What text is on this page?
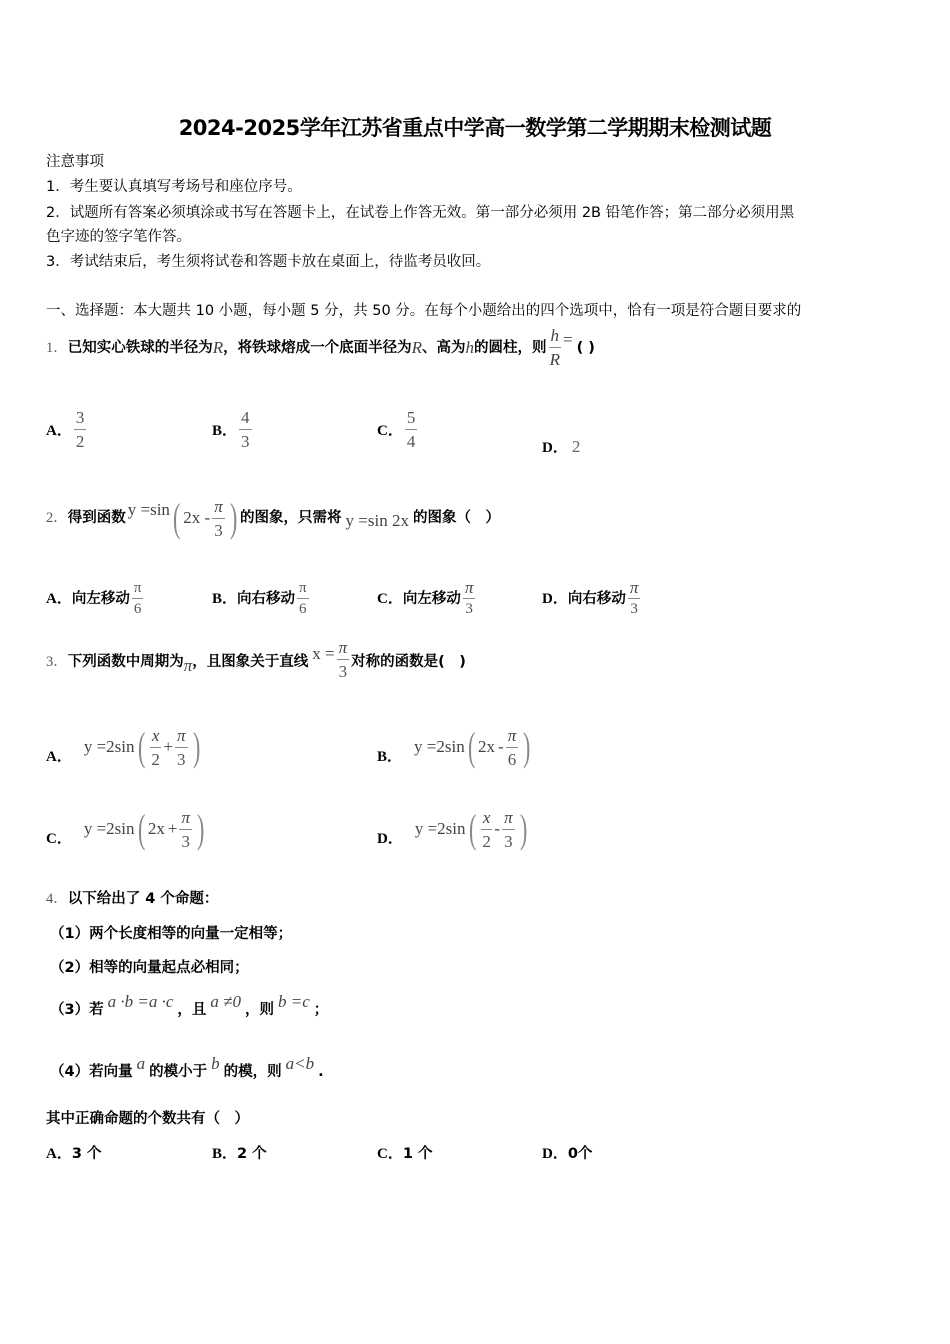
2024-2025学年江苏省重点中学高一数学第二学期期末检测试题
注意事项
1．考生要认真填写考场号和座位序号。
2．试题所有答案必须填涂或书写在答题卡上，在试卷上作答无效。第一部分必须用 2B 铅笔作答；第二部分必须用黑
色字迹的签字笔作答。
3．考试结束后，考生须将试卷和答题卡放在桌面上，待监考员收回。
一、选择题：本大题共 10 小题，每小题 5 分，共 50 分。在每个小题给出的四个选项中，恰有一项是符合题目要求的
1． 已知实心铁球的半径为 R ，将铁球熔成一个底面半径为 R 、高为 h 的圆柱，则 $\frac{h}{R}$ = ( )
A． $\frac{3}{2}$	B． $\frac{4}{3}$	C． $\frac{5}{4}$	D． 2
2． 得到函数 y =sin ( $2x - \frac{\pi}{3}$ ) 的图象，只需将 y =sin 2x 的图象（　）
A． 向左移动 $\frac{\pi}{6}$	B． 向右移动 $\frac{\pi}{6}$	C． 向左移动 $\frac{\pi}{3}$	D． 向右移动 $\frac{\pi}{3}$
3． 下列函数中周期为 π ，且图象关于直线 $x = \frac{\pi}{3}$ 对称的函数是(　)
A．
y =2sin ( $\frac{x}{2} + \frac{\pi}{3}$ )	B．
y =2sin ( $2x - \frac{\pi}{6}$ )
C．
y =2sin ( $2x + \frac{\pi}{3}$ )	D．
y =2sin ( $\frac{x}{2} - \frac{\pi}{3}$ )
4．以下给出了 4 个命题：
（1）两个长度相等的向量一定相等；
（2）相等的向量起点必相同；
（3） 若 a ·b =a ·c ，且 a ≠0 ，则 b =c ；
（4） 若向量 a 的模小于 b 的模，则 a<b .
其中正确命题的个数共有（　）
A．3 个	B．2 个	C．1 个	D．0个
